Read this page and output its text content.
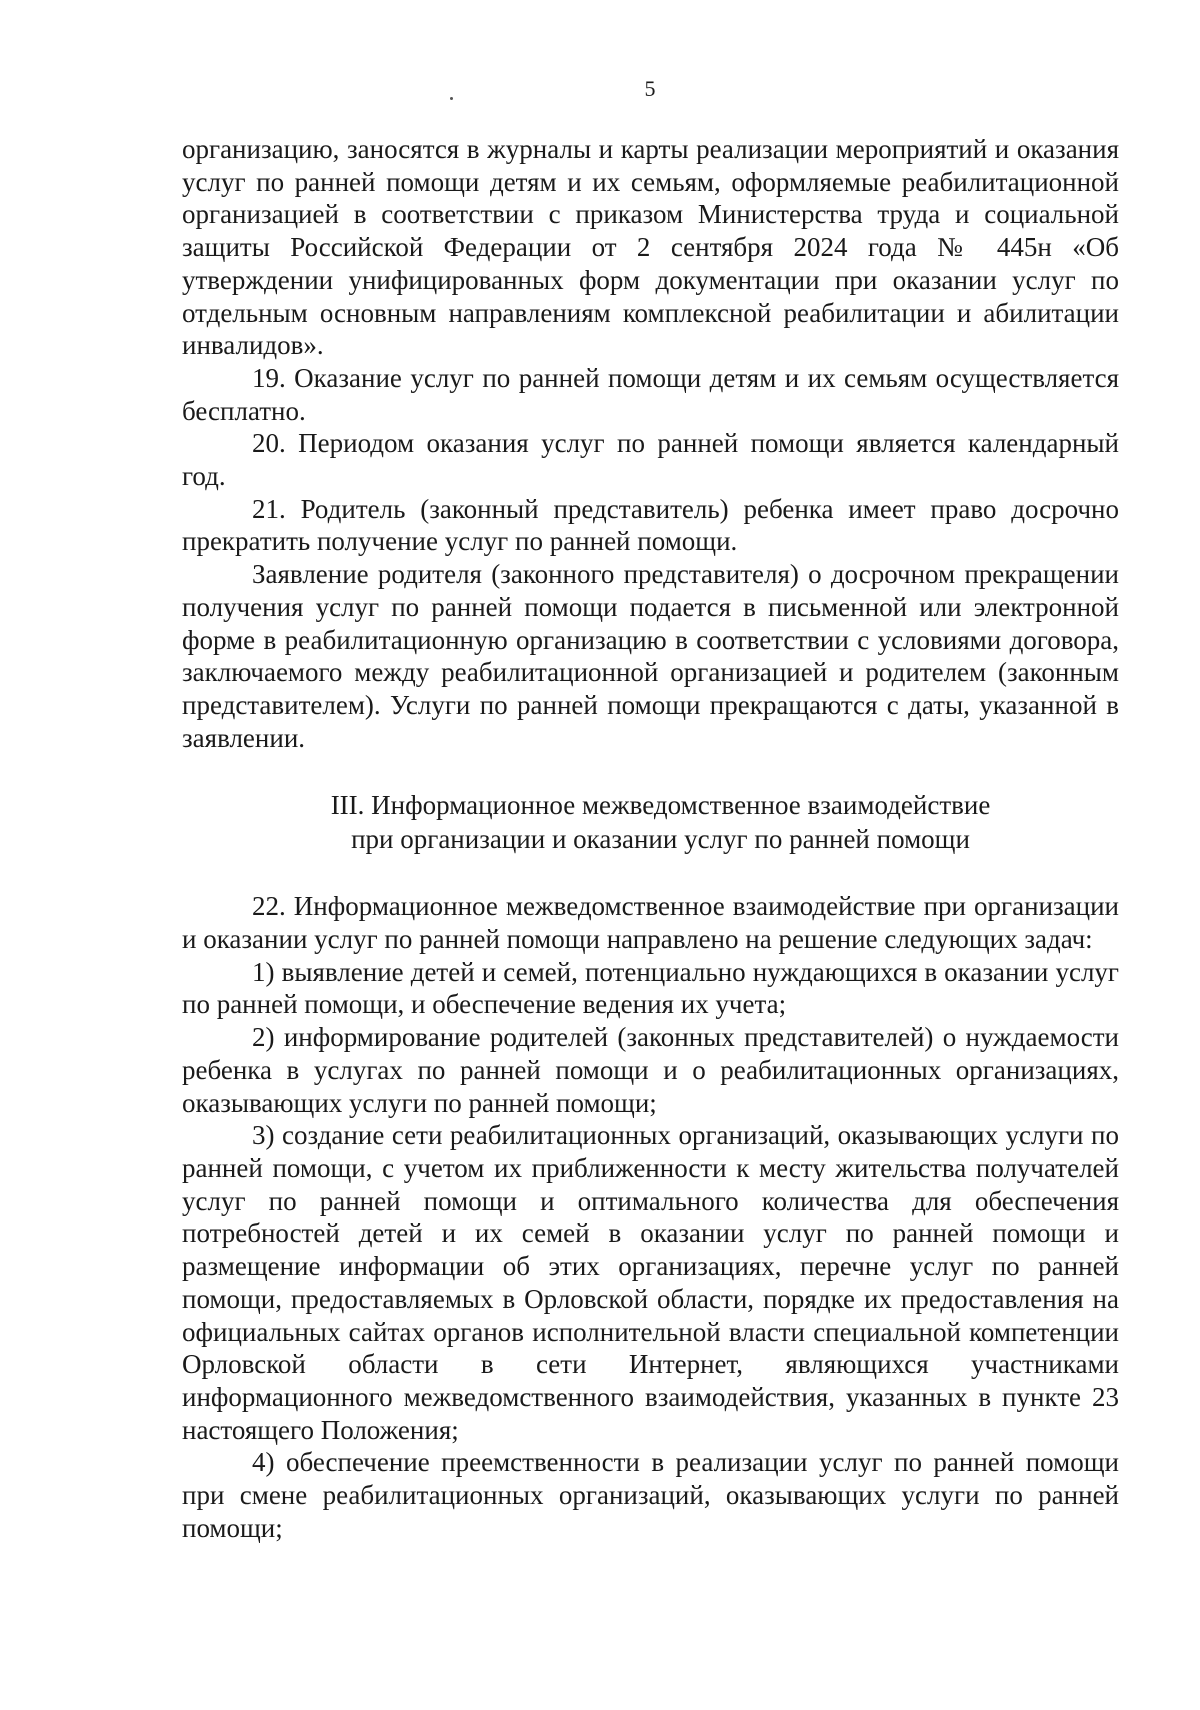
5

организацию, заносятся в журналы и карты реализации мероприятий и оказания услуг по ранней помощи детям и их семьям, оформляемые реабилитационной организацией в соответствии с приказом Министерства труда и социальной защиты Российской Федерации от 2 сентября 2024 года № 445н «Об утверждении унифицированных форм документации при оказании услуг по отдельным основным направлениям комплексной реабилитации и абилитации инвалидов».

19. Оказание услуг по ранней помощи детям и их семьям осуществляется бесплатно.

20. Периодом оказания услуг по ранней помощи является календарный год.

21. Родитель (законный представитель) ребенка имеет право досрочно прекратить получение услуг по ранней помощи.

Заявление родителя (законного представителя) о досрочном прекращении получения услуг по ранней помощи подается в письменной или электронной форме в реабилитационную организацию в соответствии с условиями договора, заключаемого между реабилитационной организацией и родителем (законным представителем). Услуги по ранней помощи прекращаются с даты, указанной в заявлении.

III. Информационное межведомственное взаимодействие
при организации и оказании услуг по ранней помощи

22. Информационное межведомственное взаимодействие при организации и оказании услуг по ранней помощи направлено на решение следующих задач:

1) выявление детей и семей, потенциально нуждающихся в оказании услуг по ранней помощи, и обеспечение ведения их учета;

2) информирование родителей (законных представителей) о нуждаемости ребенка в услугах по ранней помощи и о реабилитационных организациях, оказывающих услуги по ранней помощи;

3) создание сети реабилитационных организаций, оказывающих услуги по ранней помощи, с учетом их приближенности к месту жительства получателей услуг по ранней помощи и оптимального количества для обеспечения потребностей детей и их семей в оказании услуг по ранней помощи и размещение информации об этих организациях, перечне услуг по ранней помощи, предоставляемых в Орловской области, порядке их предоставления на официальных сайтах органов исполнительной власти специальной компетенции Орловской области в сети Интернет, являющихся участниками информационного межведомственного взаимодействия, указанных в пункте 23 настоящего Положения;

4) обеспечение преемственности в реализации услуг по ранней помощи при смене реабилитационных организаций, оказывающих услуги по ранней помощи;
